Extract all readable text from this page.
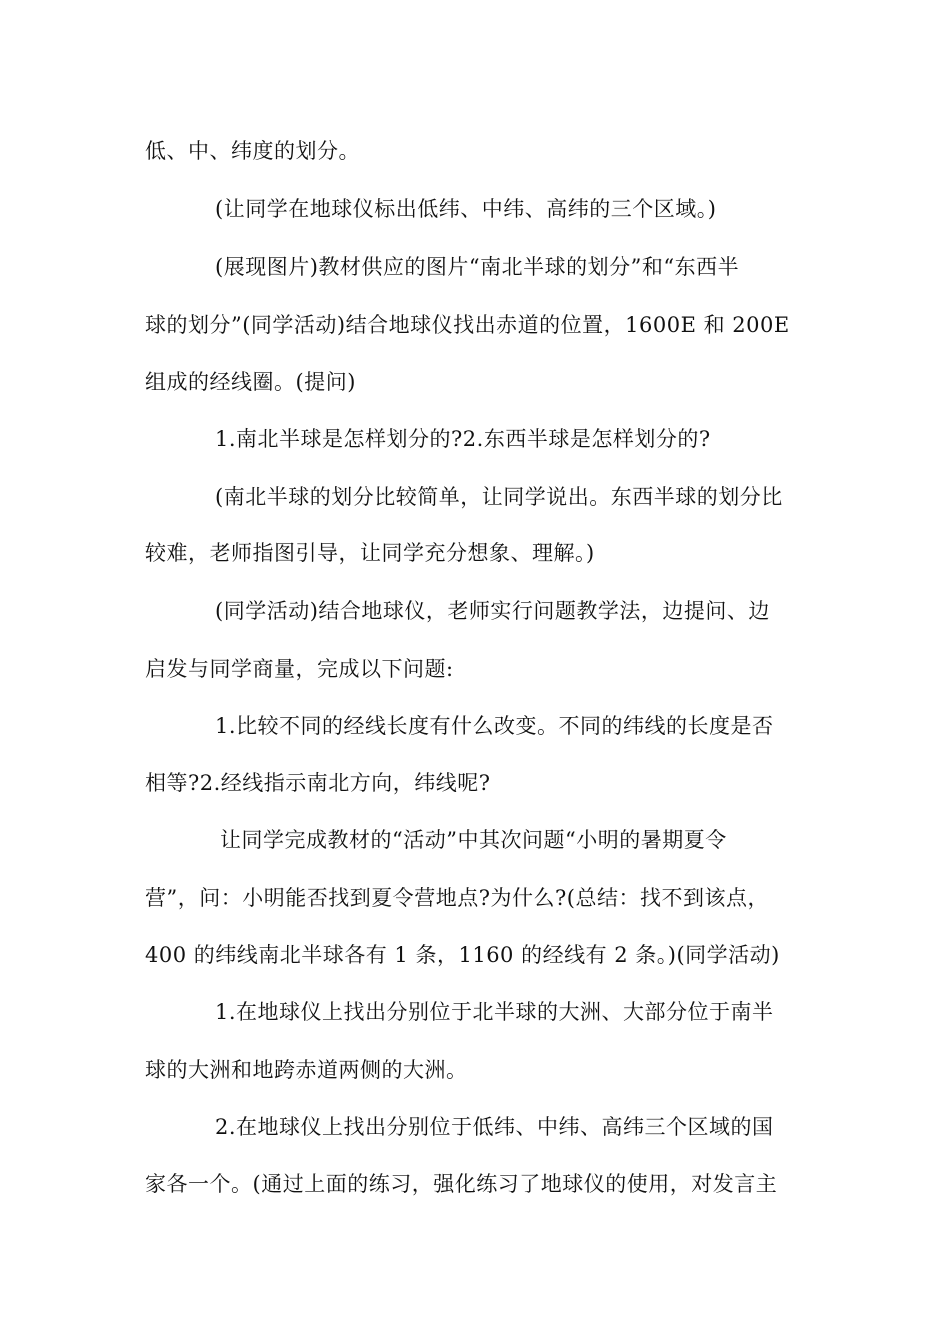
低、中、纬度的划分。
(让同学在地球仪标出低纬、中纬、高纬的三个区域。)
(展现图片)教材供应的图片“南北半球的划分”和“东西半
球的划分”(同学活动)结合地球仪找出赤道的位置，1600E 和 200E
组成的经线圈。(提问)
1.南北半球是怎样划分的?2.东西半球是怎样划分的?
(南北半球的划分比较简单，让同学说出。东西半球的划分比
较难，老师指图引导，让同学充分想象、理解。)
(同学活动)结合地球仪，老师实行问题教学法，边提问、边
启发与同学商量，完成以下问题:
1.比较不同的经线长度有什么改变。不同的纬线的长度是否
相等?2.经线指示南北方向，纬线呢?
让同学完成教材的“活动”中其次问题“小明的暑期夏令
营”，问：小明能否找到夏令营地点?为什么?(总结：找不到该点，
400 的纬线南北半球各有 1 条，1160 的经线有 2 条。)(同学活动)
1.在地球仪上找出分别位于北半球的大洲、大部分位于南半
球的大洲和地跨赤道两侧的大洲。
2.在地球仪上找出分别位于低纬、中纬、高纬三个区域的国
家各一个。(通过上面的练习，强化练习了地球仪的使用，对发言主
